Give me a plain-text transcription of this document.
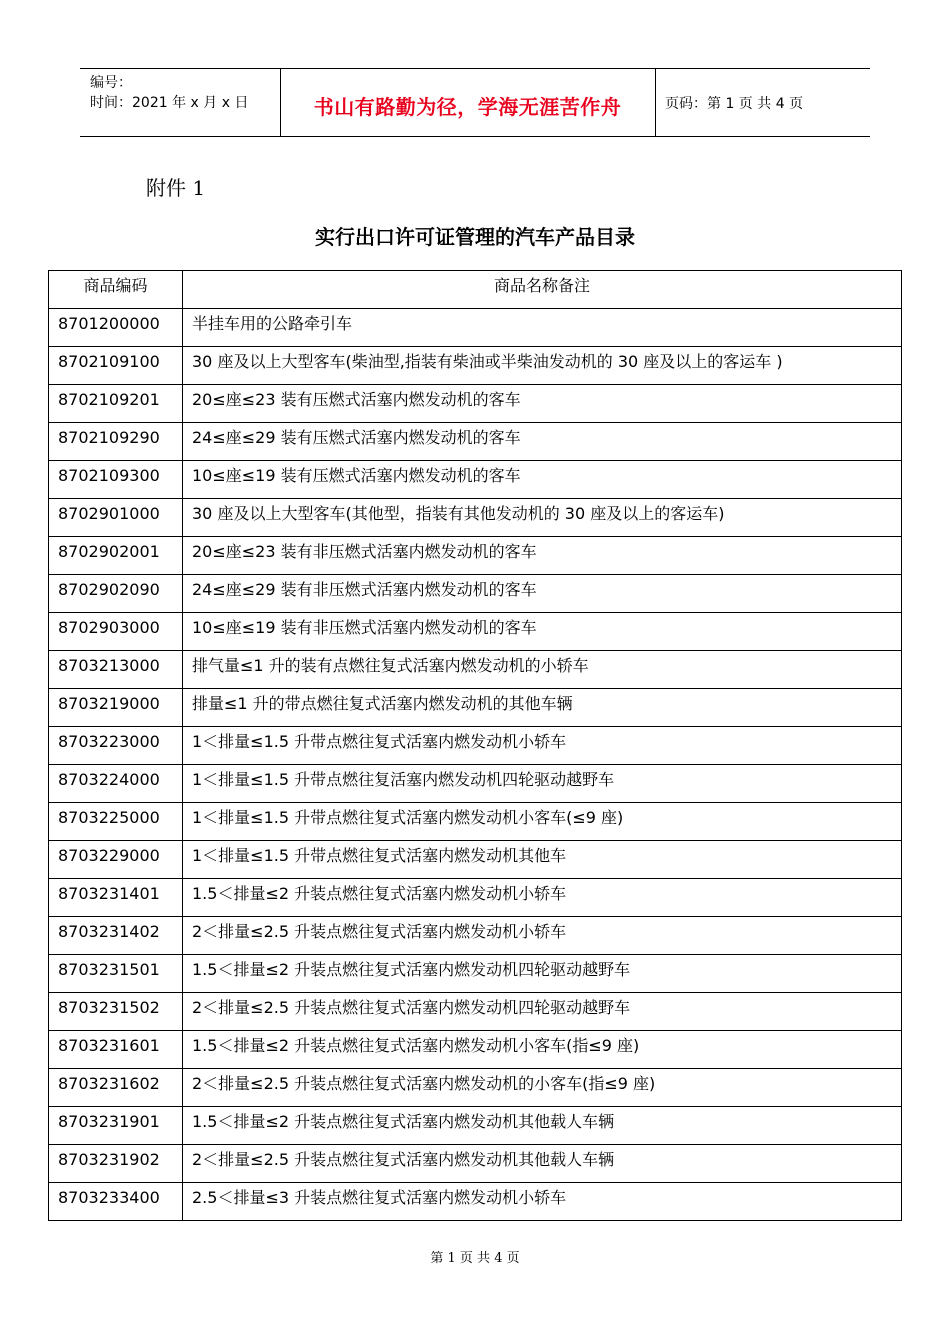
编号：
时间：2021 年 x 月 x 日	书山有路勤为径，学海无涯苦作舟	页码：第 1 页 共 4 页
附件 1
实行出口许可证管理的汽车产品目录
商品编码	商品名称备注
8701200000	半挂车用的公路牵引车
8702109100	30 座及以上大型客车(柴油型,指装有柴油或半柴油发动机的 30 座及以上的客运车 )
8702109201	20≤座≤23 装有压燃式活塞内燃发动机的客车
8702109290	24≤座≤29 装有压燃式活塞内燃发动机的客车
8702109300	10≤座≤19 装有压燃式活塞内燃发动机的客车
8702901000	30 座及以上大型客车(其他型，指装有其他发动机的 30 座及以上的客运车)
8702902001	20≤座≤23 装有非压燃式活塞内燃发动机的客车
8702902090	24≤座≤29 装有非压燃式活塞内燃发动机的客车
8702903000	10≤座≤19 装有非压燃式活塞内燃发动机的客车
8703213000	排气量≤1 升的装有点燃往复式活塞内燃发动机的小轿车
8703219000	排量≤1 升的带点燃往复式活塞内燃发动机的其他车辆
8703223000	1＜排量≤1.5 升带点燃往复式活塞内燃发动机小轿车
8703224000	1＜排量≤1.5 升带点燃往复活塞内燃发动机四轮驱动越野车
8703225000	1＜排量≤1.5 升带点燃往复式活塞内燃发动机小客车(≤9 座)
8703229000	1＜排量≤1.5 升带点燃往复式活塞内燃发动机其他车
8703231401	1.5＜排量≤2 升装点燃往复式活塞内燃发动机小轿车
8703231402	2＜排量≤2.5 升装点燃往复式活塞内燃发动机小轿车
8703231501	1.5＜排量≤2 升装点燃往复式活塞内燃发动机四轮驱动越野车
8703231502	2＜排量≤2.5 升装点燃往复式活塞内燃发动机四轮驱动越野车
8703231601	1.5＜排量≤2 升装点燃往复式活塞内燃发动机小客车(指≤9 座)
8703231602	2＜排量≤2.5 升装点燃往复式活塞内燃发动机的小客车(指≤9 座)
8703231901	1.5＜排量≤2 升装点燃往复式活塞内燃发动机其他载人车辆
8703231902	2＜排量≤2.5 升装点燃往复式活塞内燃发动机其他载人车辆
8703233400	2.5＜排量≤3 升装点燃往复式活塞内燃发动机小轿车
第 1 页 共 4 页
